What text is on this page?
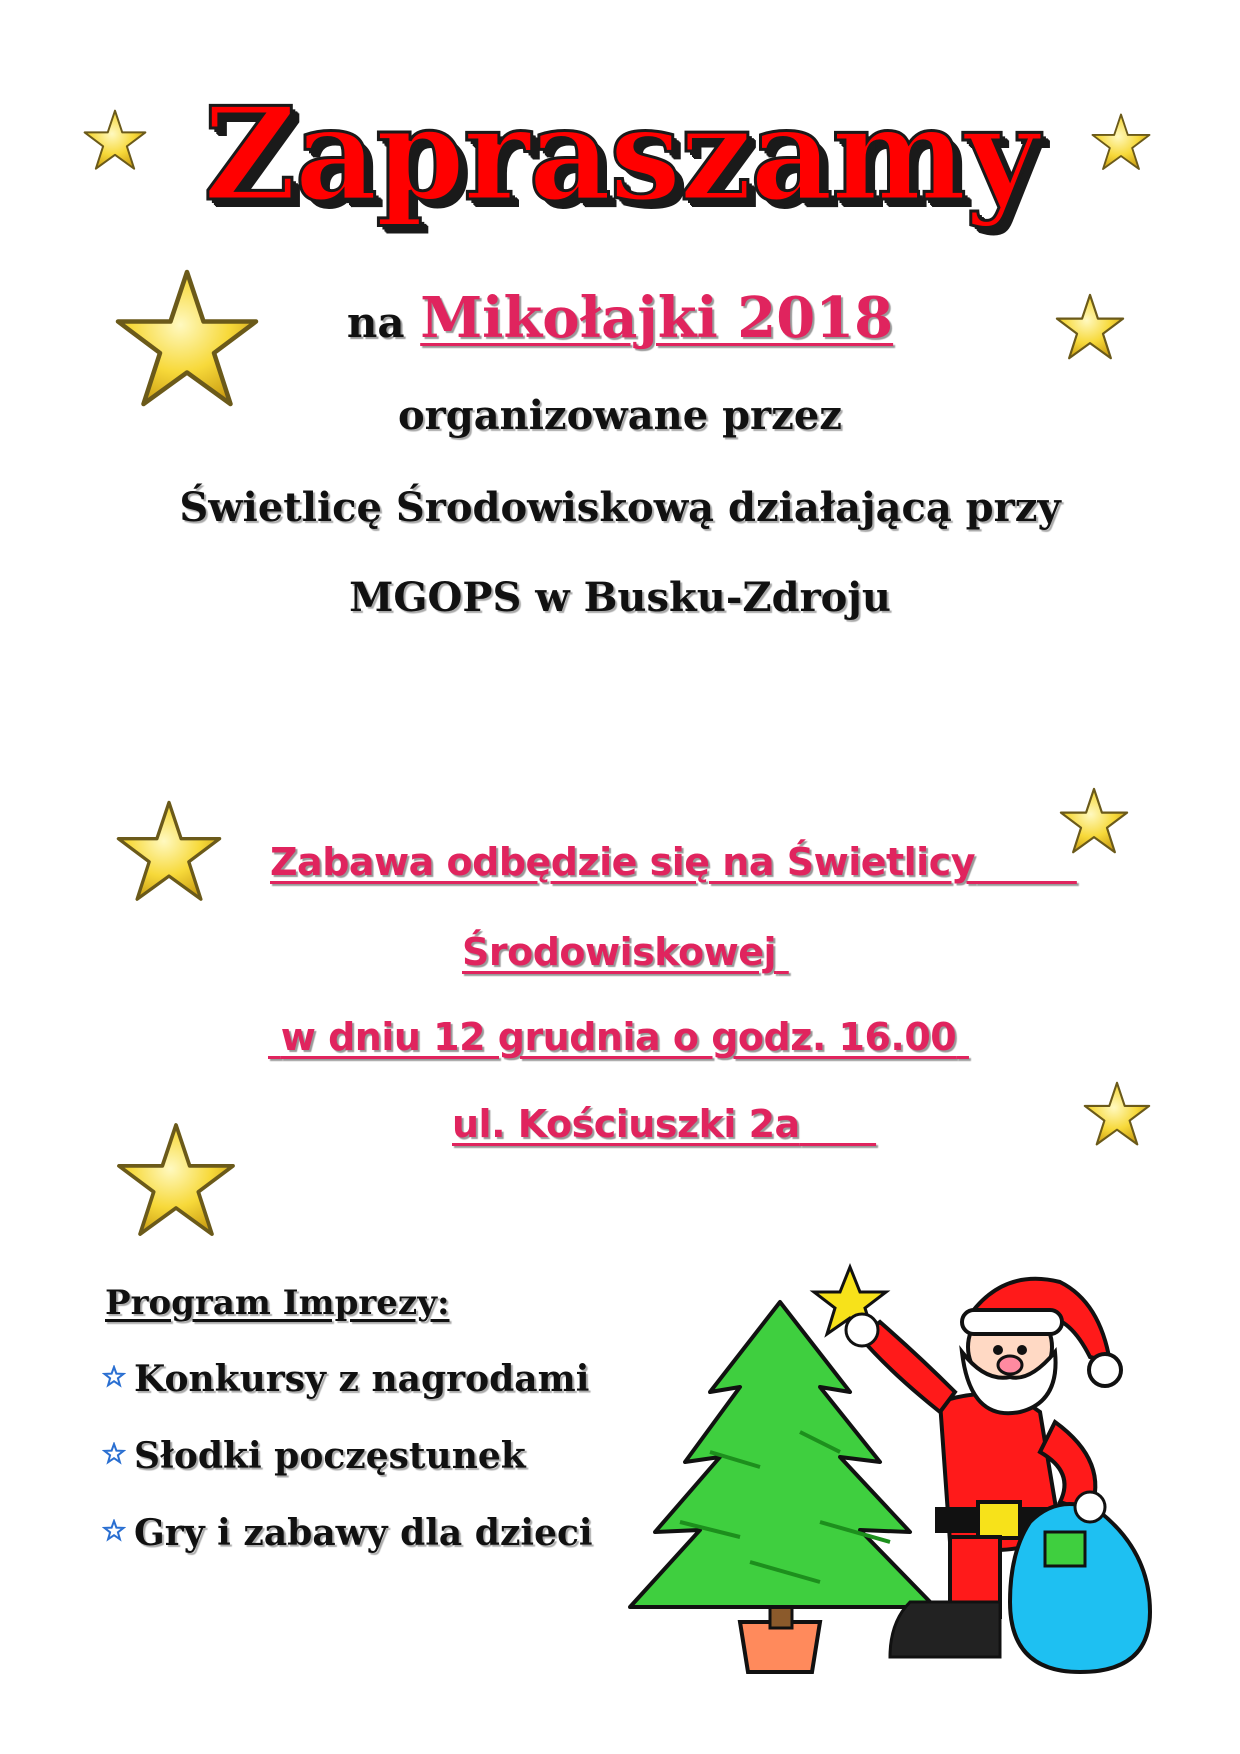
Zapraszamy
na Mikołajki 2018
organizowane przez
Świetlicę Środowiskową działającą przy
MGOPS w Busku-Zdroju
Zabawa odbędzie się na Świetlicy
Środowiskowej
w dniu 12 grudnia o godz. 16.00
ul. Kościuszki 2a
Program Imprezy:
Konkursy z nagrodami
Słodki poczęstunek
Gry i zabawy dla dzieci
